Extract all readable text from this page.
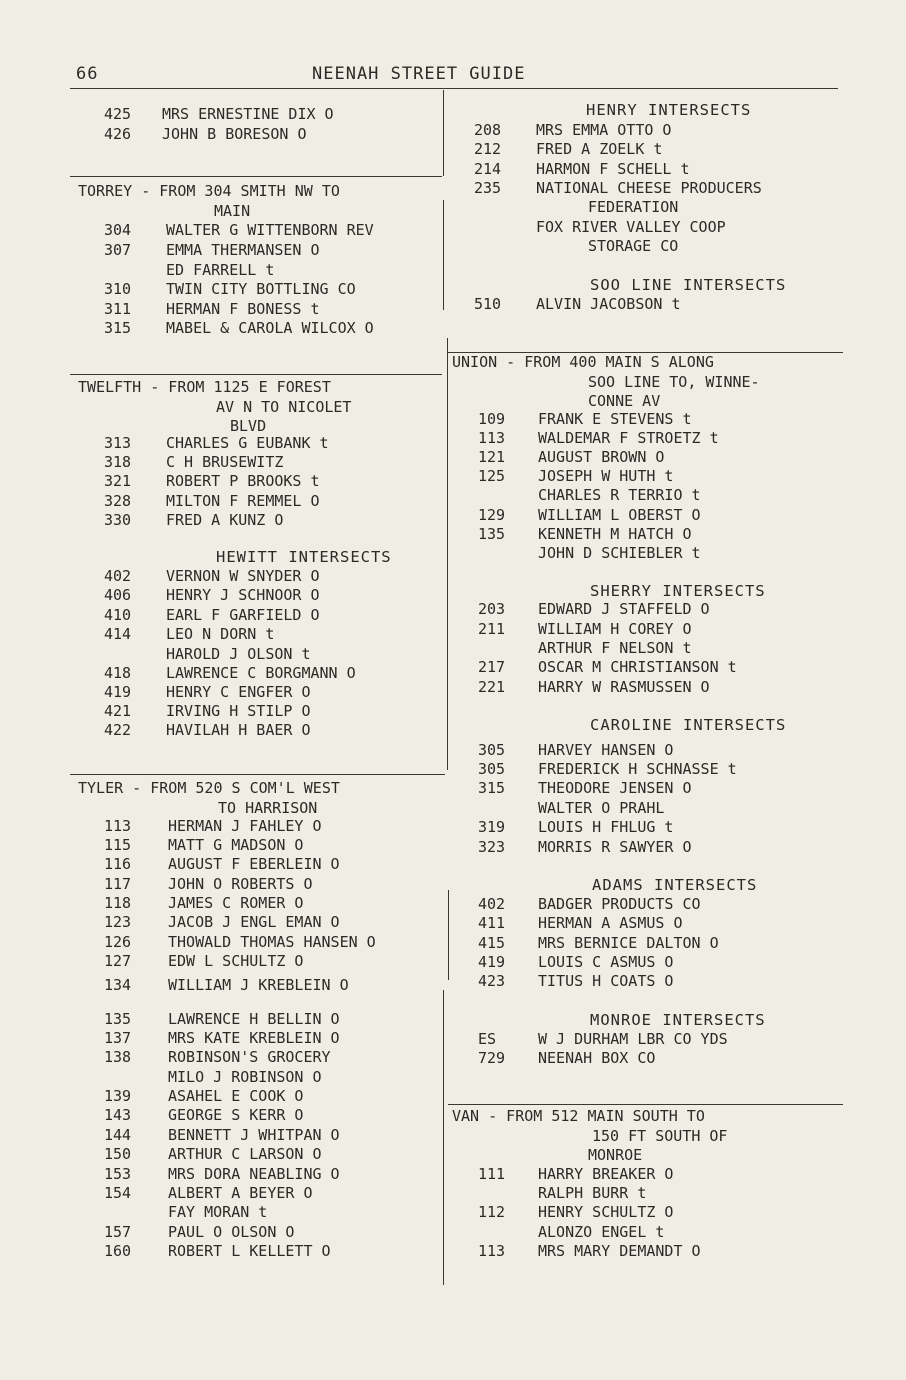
66	NEENAH STREET GUIDE
425 MRS ERNESTINE DIX O
426 JOHN B BORESON O
TORREY - FROM 304 SMITH NW TO
MAIN
304 WALTER G WITTENBORN REV
307 EMMA THERMANSEN O
ED FARRELL t
310 TWIN CITY BOTTLING CO
311 HERMAN F BONESS t
315 MABEL & CAROLA WILCOX O
TWELFTH - FROM 1125 E FOREST
AV N TO NICOLET
BLVD
313 CHARLES G EUBANK t
318 C H BRUSEWITZ
321 ROBERT P BROOKS t
328 MILTON F REMMEL O
330 FRED A KUNZ O
HEWITT INTERSECTS
402 VERNON W SNYDER O
406 HENRY J SCHNOOR O
410 EARL F GARFIELD O
414 LEO N DORN t
HAROLD J OLSON t
418 LAWRENCE C BORGMANN O
419 HENRY C ENGFER O
421 IRVING H STILP O
422 HAVILAH H BAER O
TYLER - FROM 520 S COM'L WEST
TO HARRISON
113 HERMAN J FAHLEY O
115 MATT G MADSON O
116 AUGUST F EBERLEIN O
117 JOHN O ROBERTS O
118 JAMES C ROMER O
123 JACOB J ENGL EMAN O
126 THOWALD THOMAS HANSEN O
127 EDW L SCHULTZ O
134 WILLIAM J KREBLEIN O
135 LAWRENCE H BELLIN O
137 MRS KATE KREBLEIN O
138 ROBINSON'S GROCERY
MILO J ROBINSON O
139 ASAHEL E COOK O
143 GEORGE S KERR O
144 BENNETT J WHITPAN O
150 ARTHUR C LARSON O
153 MRS DORA NEABLING O
154 ALBERT A BEYER O
FAY MORAN t
157 PAUL O OLSON O
160 ROBERT L KELLETT O
HENRY INTERSECTS
208 MRS EMMA OTTO O
212 FRED A ZOELK t
214 HARMON F SCHELL t
235 NATIONAL CHEESE PRODUCERS
FEDERATION
FOX RIVER VALLEY COOP
STORAGE CO
SOO LINE INTERSECTS
510 ALVIN JACOBSON t
UNION - FROM 400 MAIN S ALONG
SOO LINE TO, WINNE-
CONNE AV
109 FRANK E STEVENS t
113 WALDEMAR F STROETZ t
121 AUGUST BROWN O
125 JOSEPH W HUTH t
CHARLES R TERRIO t
129 WILLIAM L OBERST O
135 KENNETH M HATCH O
JOHN D SCHIEBLER t
SHERRY INTERSECTS
203 EDWARD J STAFFELD O
211 WILLIAM H COREY O
ARTHUR F NELSON t
217 OSCAR M CHRISTIANSON t
221 HARRY W RASMUSSEN O
CAROLINE INTERSECTS
305 HARVEY HANSEN O
305 FREDERICK H SCHNASSE t
315 THEODORE JENSEN O
WALTER O PRAHL
319 LOUIS H FHLUG t
323 MORRIS R SAWYER O
ADAMS INTERSECTS
402 BADGER PRODUCTS CO
411 HERMAN A ASMUS O
415 MRS BERNICE DALTON O
419 LOUIS C ASMUS O
423 TITUS H COATS O
MONROE INTERSECTS
ES	W J DURHAM LBR CO YDS
729 NEENAH BOX CO
VAN - FROM 512 MAIN SOUTH TO
150 FT SOUTH OF
MONROE
111 HARRY BREAKER O
RALPH BURR t
112 HENRY SCHULTZ O
ALONZO ENGEL t
113 MRS MARY DEMANDT O
